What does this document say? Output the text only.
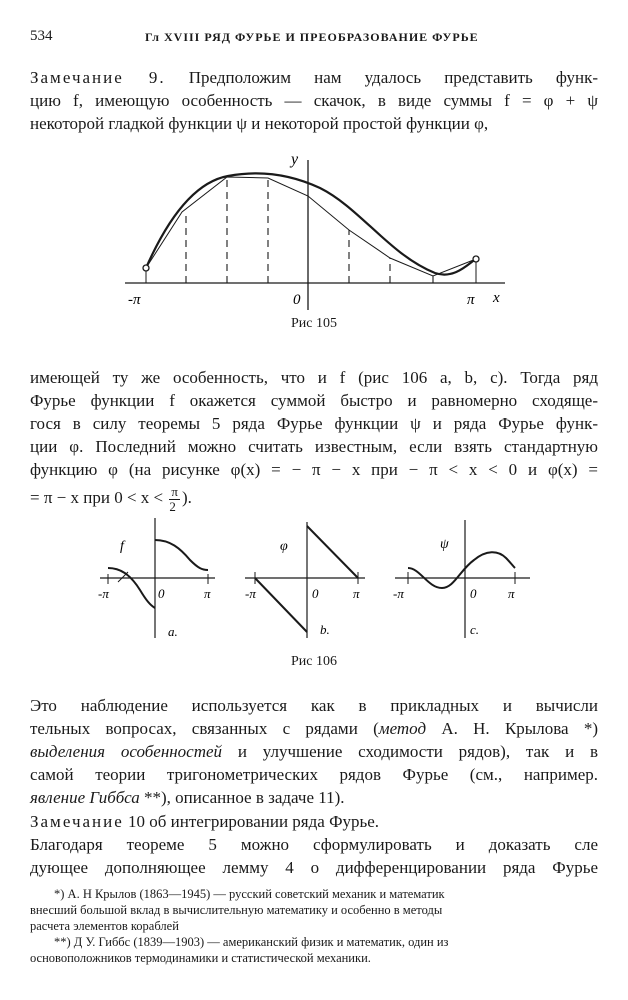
534	Гл XVIII РЯД ФУРЬЕ И ПРЕОБРАЗОВАНИЕ ФУРЬЕ
Замечание 9. Предположим нам удалось представить функ-
цию f, имеющую особенность — скачок, в виде суммы f = φ + ψ
некоторой гладкой функции ψ и некоторой простой функции φ,
y
x
-π	0	π
Рис 105
имеющей ту же особенность, что и f (рис 106 a, b, c). Тогда ряд
Фурье функции f окажется суммой быстро и равномерно сходяще-
гося в силу теоремы 5 ряда Фурье функции ψ и ряда Фурье функ-
ции φ. Последний можно считать известным, если взять стандартную
функцию φ (на рисунке φ(x) = − π − x при − π < x < 0 и φ(x) =
= π − x при $0 < x < \frac{\pi}{2}$ ).
f
-π	0	π
a.
φ
-π	0	π
b.
ψ
-π	0 π
c.
Рис 106
Это наблюдение используется как в прикладных и вычисли
тельных вопросах, связанных с рядами (метод А. Н. Крылова *)
выделения особенностей и улучшение сходимости рядов), так и в
самой теории тригонометрических рядов Фурье (см., например.
явление Гиббса **), описанное в задаче 11).
Замечание 10 об интегрировании ряда Фурье.
Благодаря теореме 5 можно сформулировать и доказать сле
дующее дополняющее лемму 4 о дифференцировании ряда Фурье
*) А. Н Крылов (1863—1945) — русский советский механик и математик
внесший большой вклад в вычислительную математику и особенно в методы
расчета элементов кораблей
**) Д У. Гиббс (1839—1903) — американский физик и математик, один из
основоположников термодинамики и статистической механики.
